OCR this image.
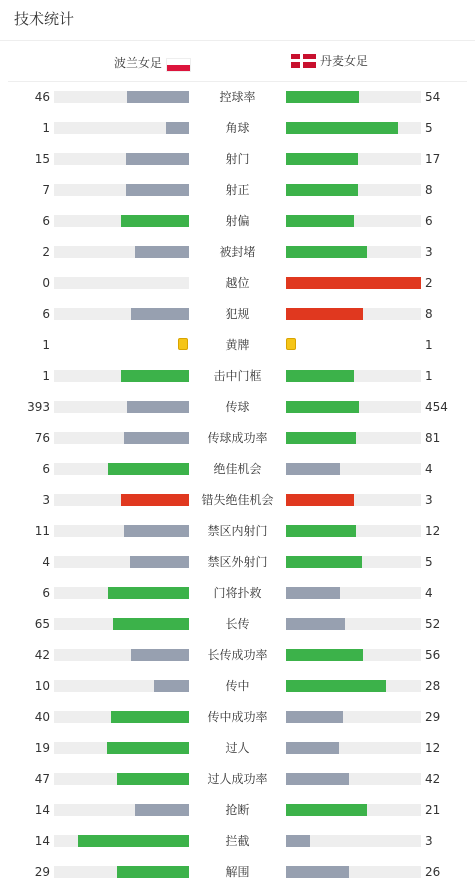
技术统计
波兰女足	丹麦女足
46	控球率	54
1	角球	5
15	射门	17
7	射正	8
6	射偏	6
2	被封堵	3
0	越位	2
6	犯规	8
1	黄牌	1
1	击中门框	1
393	传球	454
76	传球成功率	81
6	绝佳机会	4
3	错失绝佳机会	3
11	禁区内射门	12
4	禁区外射门	5
6	门将扑救	4
65	长传	52
42	长传成功率	56
10	传中	28
40	传中成功率	29
19	过人	12
47	过人成功率	42
14	抢断	21
14	拦截	3
29	解围	26
